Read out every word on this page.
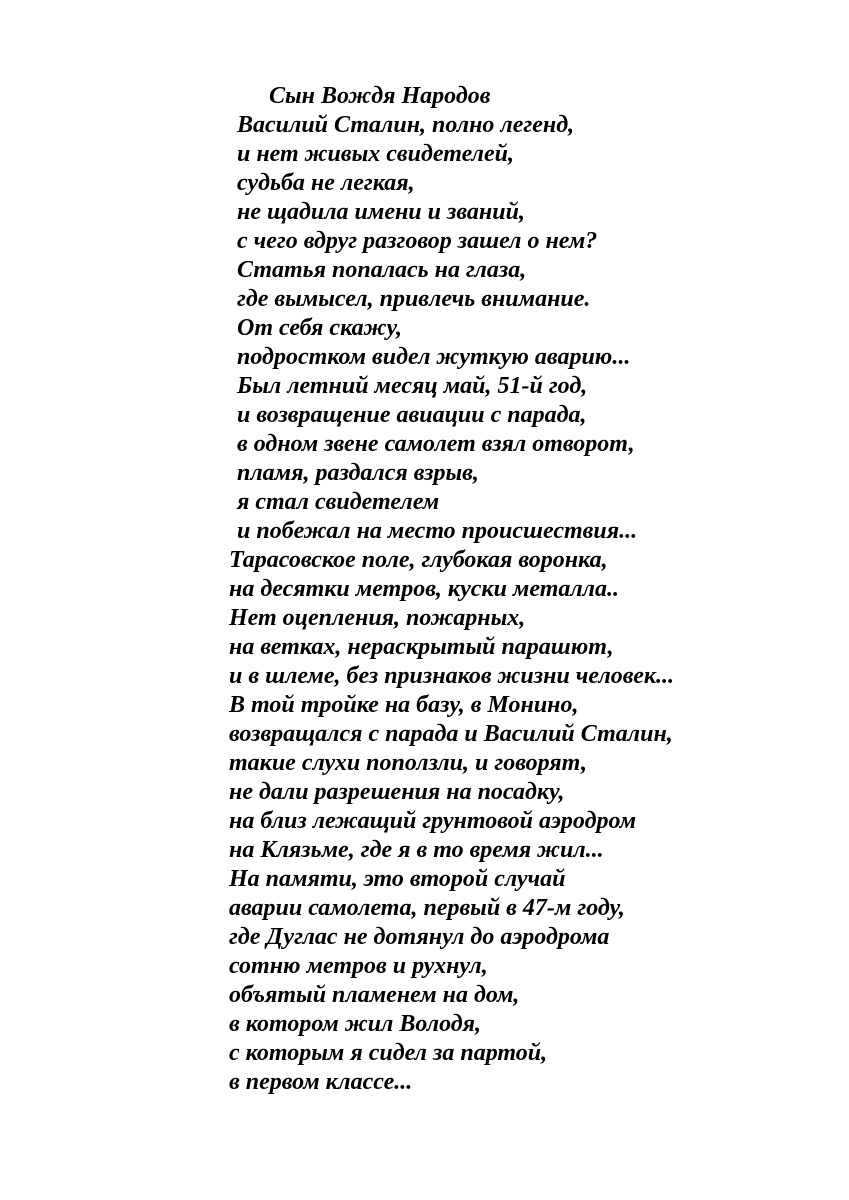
Сын Вождя Народов
Василий Сталин, полно легенд,
и нет живых свидетелей,
судьба не легкая,
не щадила имени и званий,
с чего вдруг разговор зашел о нем?
Статья попалась на глаза,
где вымысел, привлечь внимание.
От себя скажу,
подростком видел жуткую аварию...
Был летний месяц май, 51-й год,
и возвращение авиации с парада,
в одном звене самолет взял отворот,
пламя, раздался взрыв,
я стал свидетелем
и побежал на место происшествия...
Тарасовское поле, глубокая воронка,
на десятки метров, куски металла..
Нет оцепления, пожарных,
на ветках, нераскрытый парашют,
и в шлеме, без признаков жизни человек...
В той тройке на базу, в Монино,
возвращался с парада и Василий Сталин,
такие слухи поползли, и говорят,
не дали разрешения на посадку,
на близ лежащий грунтовой аэродром
на Клязьме, где я в то время жил...
На памяти, это второй случай
аварии самолета, первый в 47-м году,
где Дуглас не дотянул до аэродрома
сотню метров и рухнул,
объятый пламенем на дом,
в котором жил Володя,
с которым я сидел за партой,
в первом классе...
